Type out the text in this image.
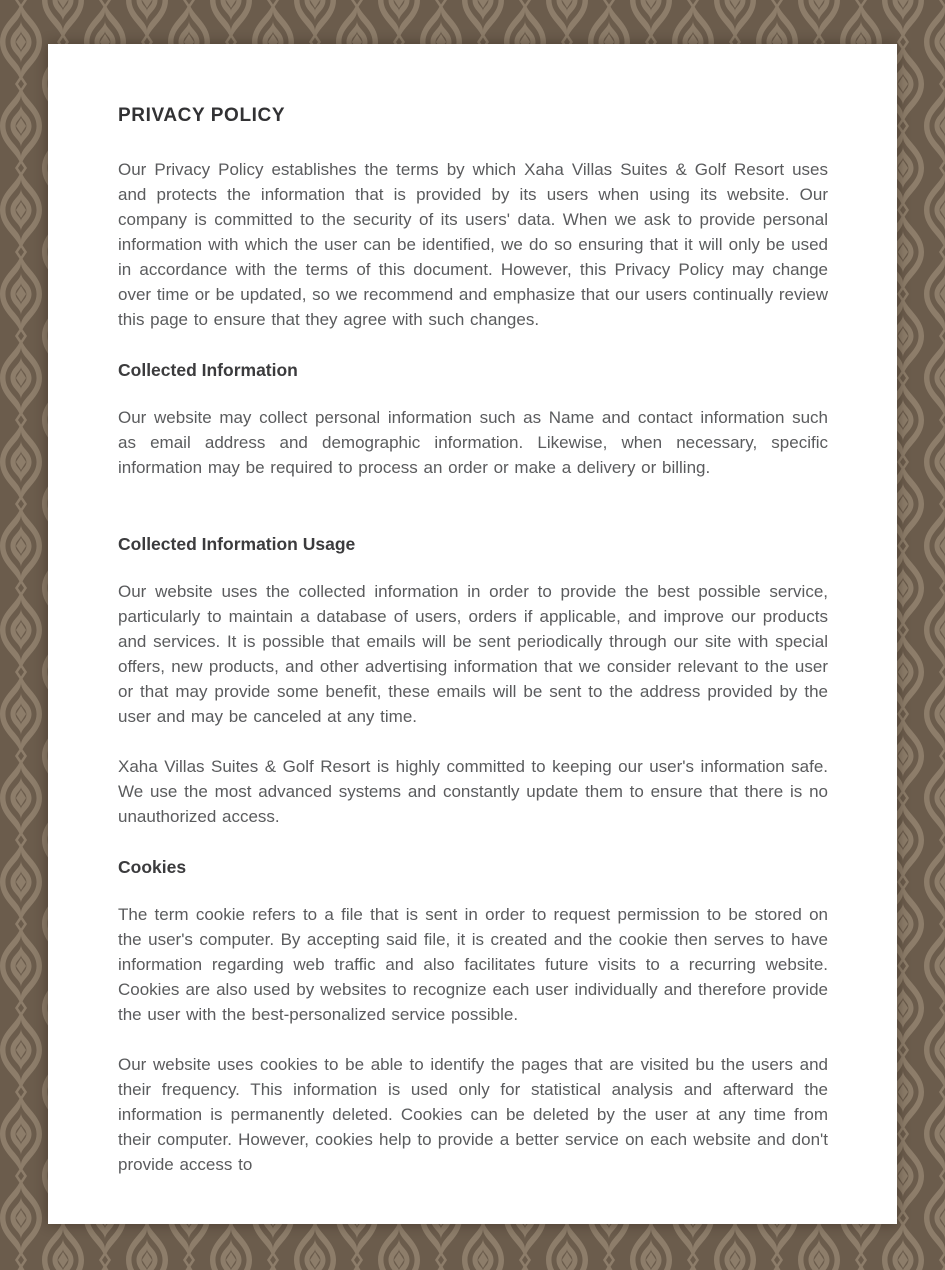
PRIVACY POLICY

Our Privacy Policy establishes the terms by which Xaha Villas Suites & Golf Resort uses and protects the information that is provided by its users when using its website. Our company is committed to the security of its users' data. When we ask to provide personal information with which the user can be identified, we do so ensuring that it will only be used in accordance with the terms of this document. However, this Privacy Policy may change over time or be updated, so we recommend and emphasize that our users continually review this page to ensure that they agree with such changes.

Collected Information

Our website may collect personal information such as Name and contact information such as email address and demographic information. Likewise, when necessary, specific information may be required to process an order or make a delivery or billing.

Collected Information Usage

Our website uses the collected information in order to provide the best possible service, particularly to maintain a database of users, orders if applicable, and improve our products and services. It is possible that emails will be sent periodically through our site with special offers, new products, and other advertising information that we consider relevant to the user or that may provide some benefit, these emails will be sent to the address provided by the user and may be canceled at any time.

Xaha Villas Suites & Golf Resort is highly committed to keeping our user's information safe. We use the most advanced systems and constantly update them to ensure that there is no unauthorized access.

Cookies

The term cookie refers to a file that is sent in order to request permission to be stored on the user's computer. By accepting said file, it is created and the cookie then serves to have information regarding web traffic and also facilitates future visits to a recurring website. Cookies are also used by websites to recognize each user individually and therefore provide the user with the best-personalized service possible.

Our website uses cookies to be able to identify the pages that are visited bu the users and their frequency. This information is used only for statistical analysis and afterward the information is permanently deleted. Cookies can be deleted by the user at any time from their computer. However, cookies help to provide a better service on each website and don't provide access to
